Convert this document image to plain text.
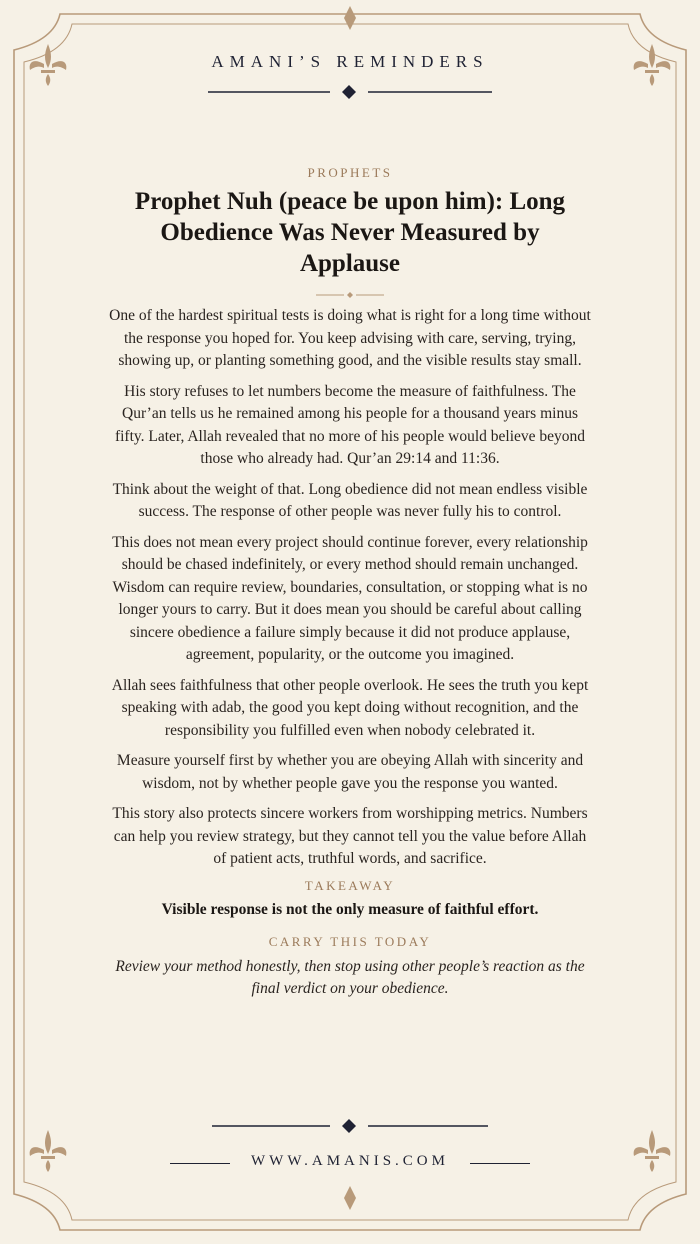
AMANI’S REMINDERS
PROPHETS
Prophet Nuh (peace be upon him): Long Obedience Was Never Measured by Applause

One of the hardest spiritual tests is doing what is right for a long time without the response you hoped for. You keep advising with care, serving, trying, showing up, or planting something good, and the visible results stay small.

His story refuses to let numbers become the measure of faithfulness. The Qur’an tells us he remained among his people for a thousand years minus fifty. Later, Allah revealed that no more of his people would believe beyond those who already had. Qur’an 29:14 and 11:36.

Think about the weight of that. Long obedience did not mean endless visible success. The response of other people was never fully his to control.

This does not mean every project should continue forever, every relationship should be chased indefinitely, or every method should remain unchanged. Wisdom can require review, boundaries, consultation, or stopping what is no longer yours to carry. But it does mean you should be careful about calling sincere obedience a failure simply because it did not produce applause, agreement, popularity, or the outcome you imagined.

Allah sees faithfulness that other people overlook. He sees the truth you kept speaking with adab, the good you kept doing without recognition, and the responsibility you fulfilled even when nobody celebrated it.

Measure yourself first by whether you are obeying Allah with sincerity and wisdom, not by whether people gave you the response you wanted.

This story also protects sincere workers from worshipping metrics. Numbers can help you review strategy, but they cannot tell you the value before Allah of patient acts, truthful words, and sacrifice.

TAKEAWAY
Visible response is not the only measure of faithful effort.
CARRY THIS TODAY
Review your method honestly, then stop using other people’s reaction as the final verdict on your obedience.
WWW.AMANIS.COM
